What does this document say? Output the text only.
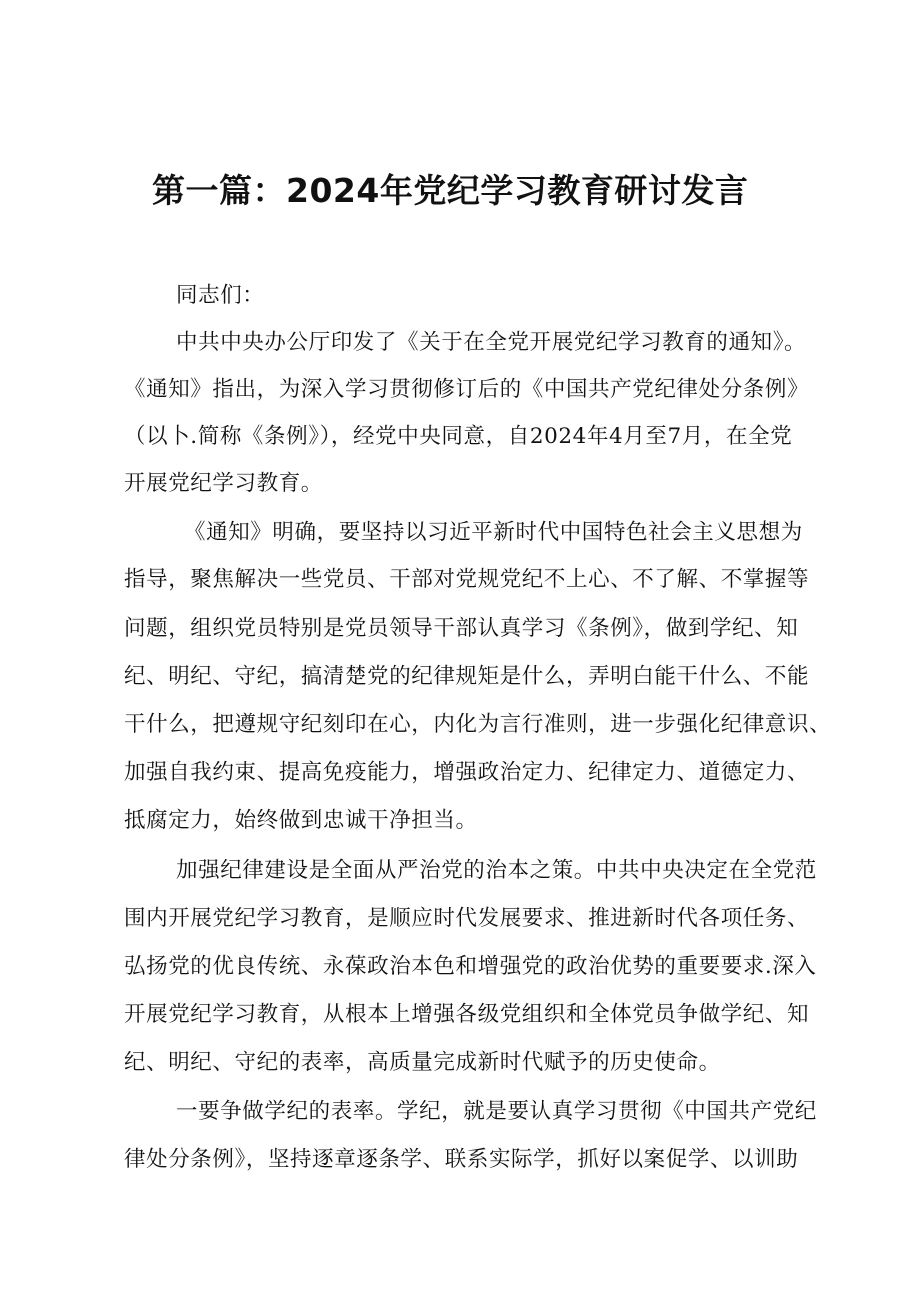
第一篇：2024年党纪学习教育研讨发言

同志们：

中共中央办公厅印发了《关于在全党开展党纪学习教育的通知》。

《通知》指出，为深入学习贯彻修订后的《中国共产党纪律处分条例》

（以卜.简称《条例》），经党中央同意，自2024年4月至7月，在全党

开展党纪学习教育。

《通知》明确，要坚持以习近平新时代中国特色社会主义思想为

指导，聚焦解决一些党员、干部对党规党纪不上心、不了解、不掌握等

问题，组织党员特别是党员领导干部认真学习《条例》，做到学纪、知

纪、明纪、守纪，搞清楚党的纪律规矩是什么，弄明白能干什么、不能

干什么，把遵规守纪刻印在心，内化为言行准则，进一步强化纪律意识、

加强自我约束、提高免疫能力，增强政治定力、纪律定力、道德定力、

抵腐定力，始终做到忠诚干净担当。

加强纪律建设是全面从严治党的治本之策。中共中央决定在全党范

围内开展党纪学习教育，是顺应时代发展要求、推进新时代各项任务、

弘扬党的优良传统、永葆政治本色和增强党的政治优势的重要要求.深入

开展党纪学习教育，从根本上增强各级党组织和全体党员争做学纪、知

纪、明纪、守纪的表率，高质量完成新时代赋予的历史使命。

一要争做学纪的表率。学纪，就是要认真学习贯彻《中国共产党纪

律处分条例》，坚持逐章逐条学、联系实际学，抓好以案促学、以训助
